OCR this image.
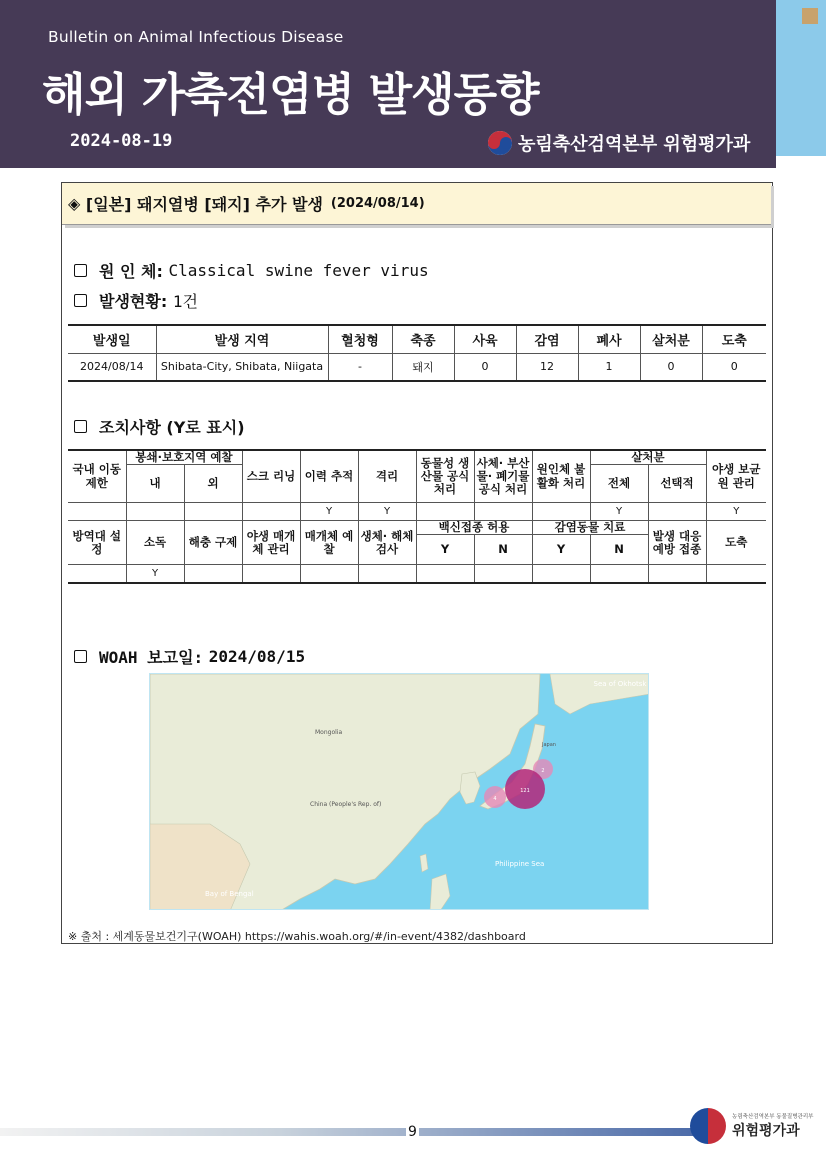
Bulletin on Animal Infectious Disease
해외 가축전염병 발생동향
2024-08-19	농림축산검역본부 위험평가과
◈
[일본] 돼지열병 [돼지] 추가 발생 (2024/08/14)
원 인 체:
Classical swine fever virus
발생현황:
1건
발생일	발생 지역	혈청형	축종	사육	감염	폐사	살처분	도축
2024/08/14	Shibata-City, Shibata, Niigata	-	돼지	0	12	1	0	0
조치사항 (Y로 표시)
국내 이동 제한	봉쇄·보호지역 예찰		스크 리닝	이력 추적	격리	동물성 생산물 공식 처리	사체· 부산물· 폐기물 공식 처리	원인체 불활화 처리	살처분		야생 보균원 관리
	내	외							전체	선택적	
				Y	Y				Y		Y
방역대 설정	소독	해충 구제	야생 매개체 관리	매개체 예찰	생체· 해체 검사	백신접종 허용		감염동물 치료		발생 대응 예방 접종	도축
						Y	N	Y	N		
	Y										
WOAH 보고일:
2024/08/15
2
121
4
Sea of Okhotsk
Mongolia
China (People's Rep. of)
Philippine Sea
Bay of Bengal
Japan
※ 출처 : 세계동물보건기구(WOAH) https://wahis.woah.org/#/in-event/4382/dashboard
9
농림축산검역본부 동물질병관리부
위험평가과
